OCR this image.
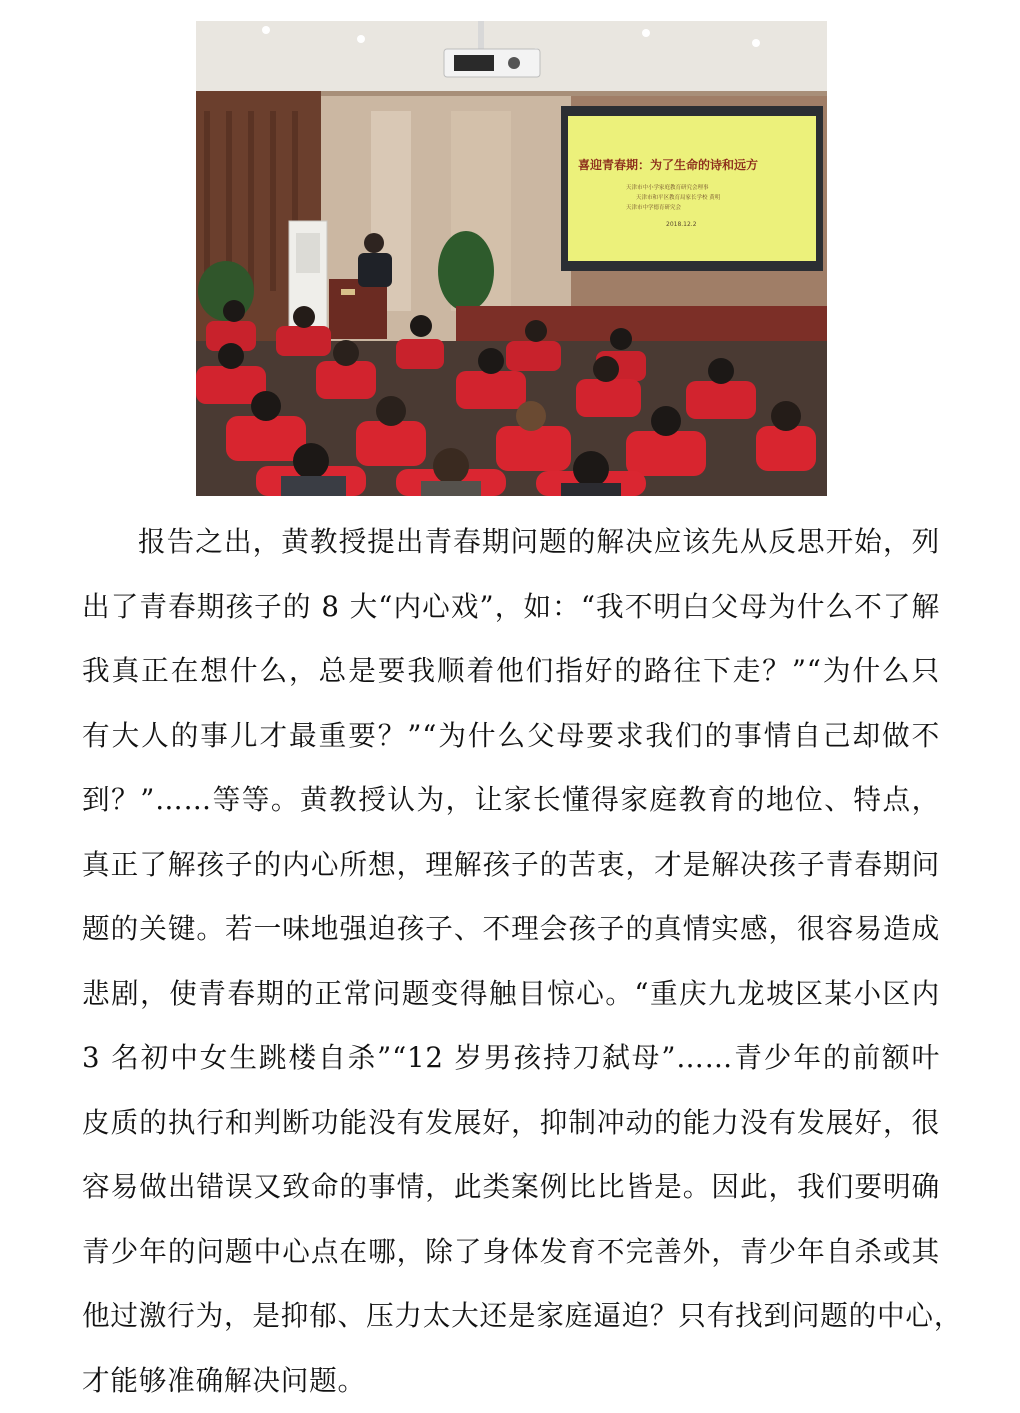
喜迎青春期：为了生命的诗和远方
天津市中小学家庭教育研究会理事
天津市和平区教育局家长学校 黄明
天津市中学德育研究会
2018.12.2
报告之出，黄教授提出青春期问题的解决应该先从反思开始，列
出了青春期孩子的 8 大“内心戏”，如：“我不明白父母为什么不了解
我真正在想什么，总是要我顺着他们指好的路往下走？”“为什么只
有大人的事儿才最重要？”“为什么父母要求我们的事情自己却做不
到？”……等等。黄教授认为，让家长懂得家庭教育的地位、特点，
真正了解孩子的内心所想，理解孩子的苦衷，才是解决孩子青春期问
题的关键。若一味地强迫孩子、不理会孩子的真情实感，很容易造成
悲剧，使青春期的正常问题变得触目惊心。“重庆九龙坡区某小区内
3 名初中女生跳楼自杀”“12 岁男孩持刀弑母”……青少年的前额叶
皮质的执行和判断功能没有发展好，抑制冲动的能力没有发展好，很
容易做出错误又致命的事情，此类案例比比皆是。因此，我们要明确
青少年的问题中心点在哪，除了身体发育不完善外，青少年自杀或其
他过激行为，是抑郁、压力太大还是家庭逼迫？只有找到问题的中心，
才能够准确解决问题。
